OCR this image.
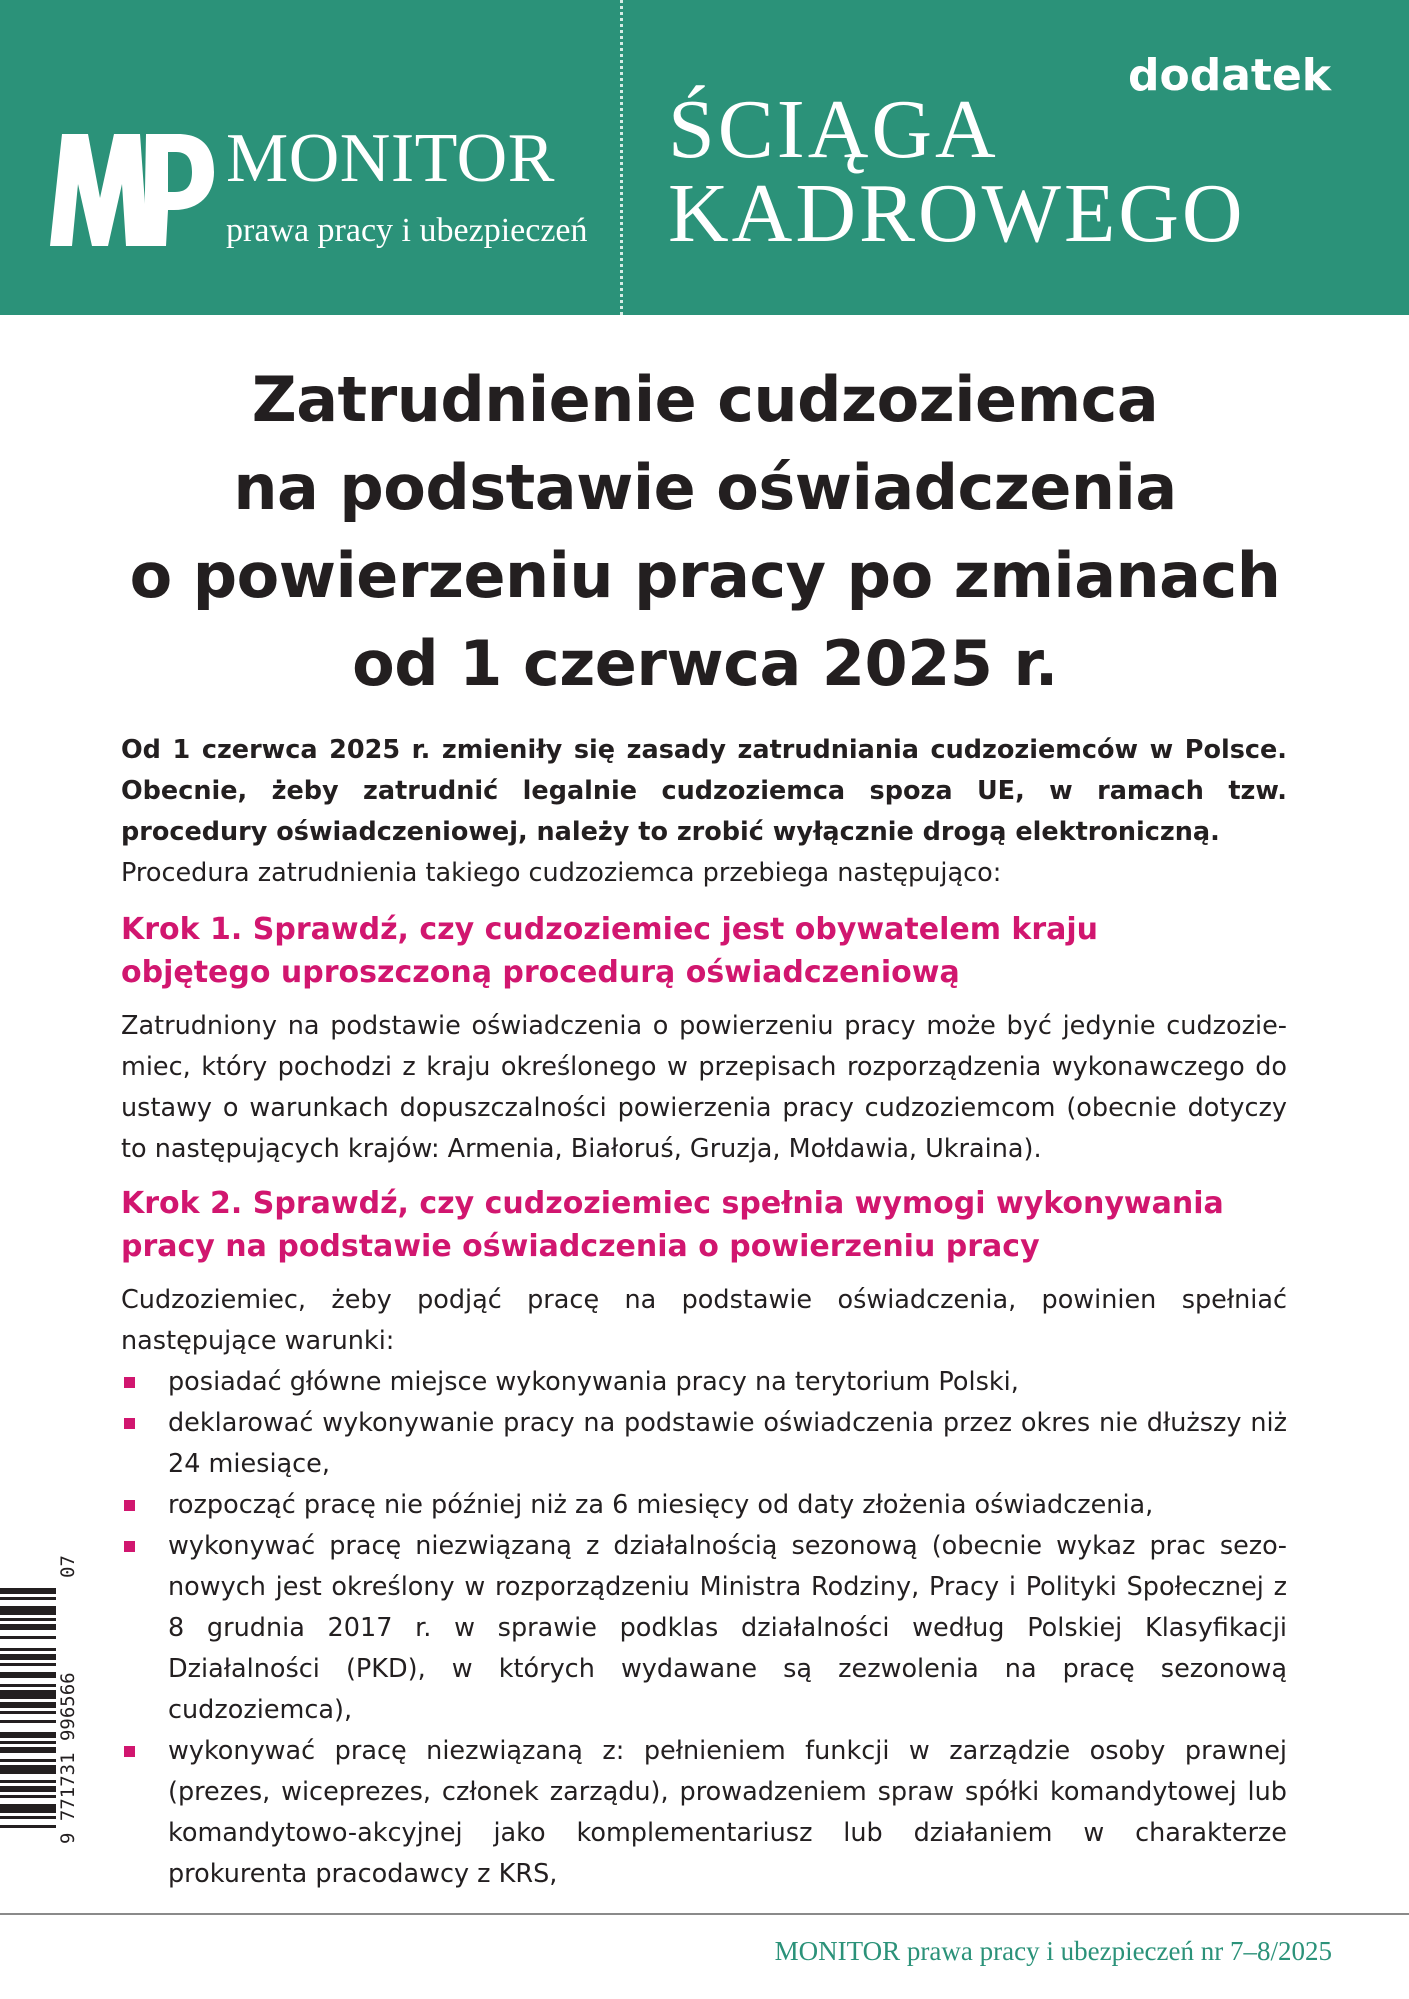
MONITOR
prawa pracy i ubezpieczeń
ŚCIĄGA
KADROWEGO
dodatek
Zatrudnienie cudzoziemca
na podstawie oświadczenia
o powierzeniu pracy po zmianach
od 1 czerwca 2025 r.

Od 1 czerwca 2025 r. zmieniły się zasady zatrudniania cudzoziemców w Polsce. Obecnie, żeby zatrudnić legalnie cudzoziemca spoza UE, w ramach tzw. procedury oświadczeniowej, należy to zrobić wyłącznie drogą elektroniczną.

Procedura zatrudnienia takiego cudzoziemca przebiega następująco:

Krok 1. Sprawdź, czy cudzoziemiec jest obywatelem kraju
objętego uproszczoną procedurą oświadczeniową

Zatrudniony na podstawie oświadczenia o powierzeniu pracy może być jedynie cudzoziemiec, który pochodzi z kraju określonego w przepisach rozporządzenia wykonawczego do ustawy o warunkach dopuszczalności powierzenia pracy cudzoziemcom (obecnie dotyczy to następujących krajów: Armenia, Białoruś, Gruzja, Mołdawia, Ukraina).

Krok 2. Sprawdź, czy cudzoziemiec spełnia wymogi wykonywania
pracy na podstawie oświadczenia o powierzeniu pracy

Cudzoziemiec, żeby podjąć pracę na podstawie oświadczenia, powinien spełniać następujące warunki:

posiadać główne miejsce wykonywania pracy na terytorium Polski,
deklarować wykonywanie pracy na podstawie oświadczenia przez okres nie dłuższy niż 24 miesiące,
rozpocząć pracę nie później niż za 6 miesięcy od daty złożenia oświadczenia,
wykonywać pracę niezwiązaną z działalnością sezonową (obecnie wykaz prac sezonowych jest określony w rozporządzeniu Ministra Rodziny, Pracy i Polityki Społecznej z 8 grudnia 2017 r. w sprawie podklas działalności według Polskiej Klasyfikacji Działalności (PKD), w których wydawane są zezwolenia na pracę sezonową cudzoziemca),
wykonywać pracę niezwiązaną z: pełnieniem funkcji w zarządzie osoby prawnej (prezes, wiceprezes, członek zarządu), prowadzeniem spraw spółki komandytowej lub komandytowo-akcyjnej jako komplementariusz lub działaniem w charakterze prokurenta pracodawcy z KRS,
9 771731 996566
07
MONITOR prawa pracy i ubezpieczeń nr 7–8/2025
